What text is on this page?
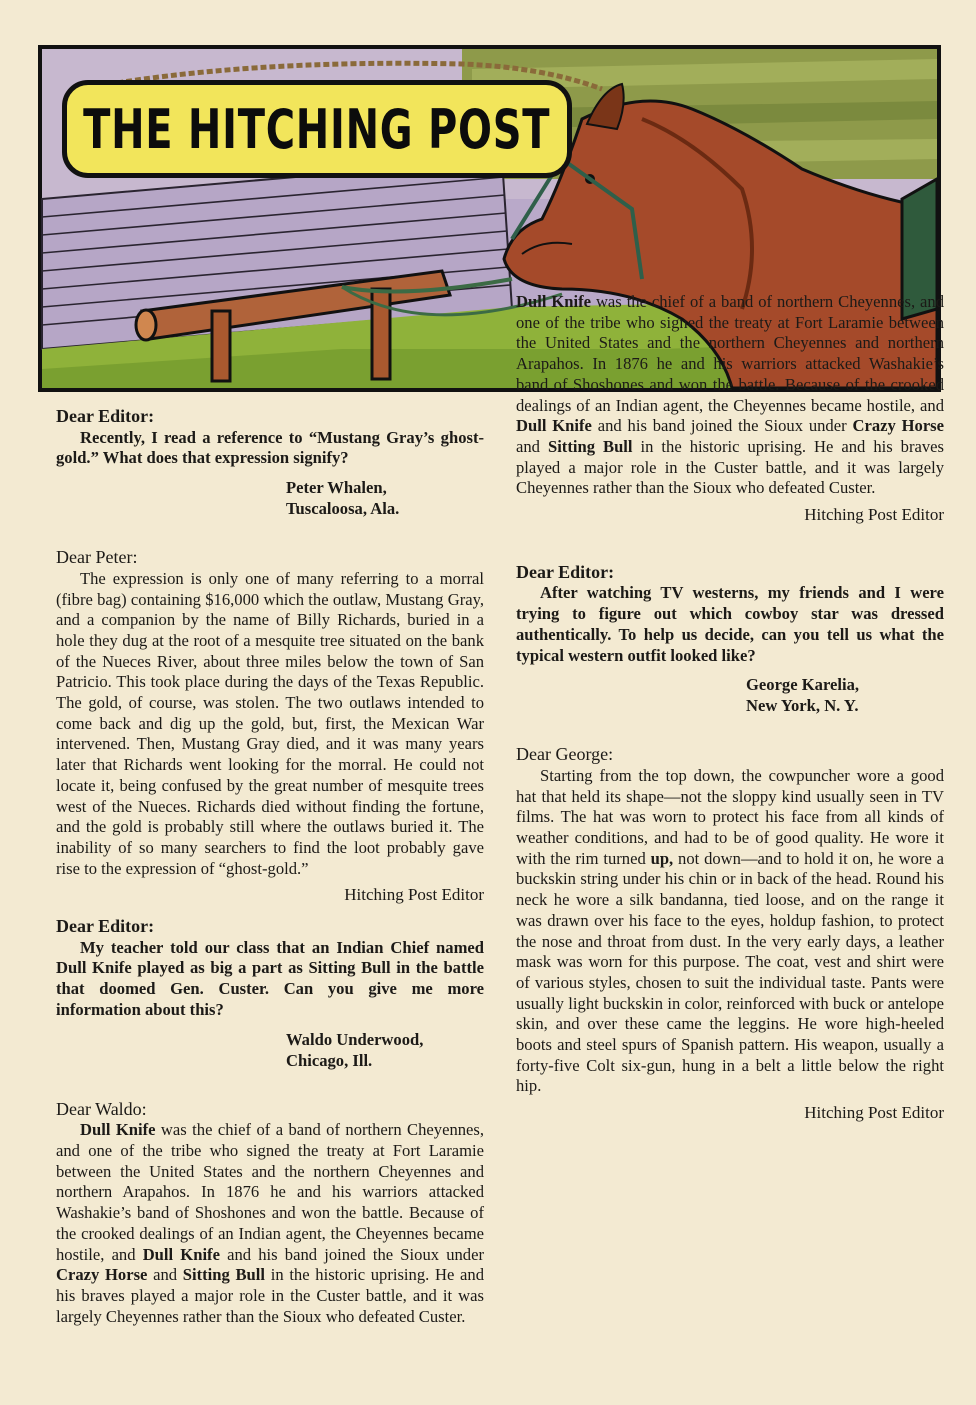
THE HITCHING POST
Dear Editor:

Recently, I read a reference to “Mustang Gray’s ghost-gold.” What does that expression signify?

Peter Whalen,
Tuscaloosa, Ala.
Dear Peter:

The expression is only one of many referring to a morral (fibre bag) containing $16,000 which the outlaw, Mustang Gray, and a companion by the name of Billy Richards, buried in a hole they dug at the root of a mesquite tree situated on the bank of the Nueces River, about three miles below the town of San Patricio. This took place during the days of the Texas Republic. The gold, of course, was stolen. The two outlaws intended to come back and dig up the gold, but, first, the Mexican War intervened. Then, Mustang Gray died, and it was many years later that Richards went looking for the morral. He could not locate it, being confused by the great number of mesquite trees west of the Nueces. Richards died without finding the fortune, and the gold is probably still where the outlaws buried it. The inability of so many searchers to find the loot probably gave rise to the expression of “ghost-gold.”

Hitching Post Editor
Dear Editor:

My teacher told our class that an Indian Chief named Dull Knife played as big a part as Sitting Bull in the battle that doomed Gen. Custer. Can you give me more information about this?

Waldo Underwood,
Chicago, Ill.
Dear Waldo:

Dull Knife was the chief of a band of northern Cheyennes, and one of the tribe who signed the treaty at Fort Laramie between the United States and the northern Cheyennes and northern Arapahos. In 1876 he and his warriors attacked Washakie’s band of Shoshones and won the battle. Because of the crooked dealings of an Indian agent, the Cheyennes became hostile, and Dull Knife and his band joined the Sioux under Crazy Horse and Sitting Bull in the historic uprising. He and his braves played a major role in the Custer battle, and it was largely Cheyennes rather than the Sioux who defeated Custer.

Dull Knife was the chief of a band of northern Cheyennes, and one of the tribe who signed the treaty at Fort Laramie between the United States and the northern Cheyennes and northern Arapahos. In 1876 he and his warriors attacked Washakie’s band of Shoshones and won the battle. Because of the crooked dealings of an Indian agent, the Cheyennes became hostile, and Dull Knife and his band joined the Sioux under Crazy Horse and Sitting Bull in the historic uprising. He and his braves played a major role in the Custer battle, and it was largely Cheyennes rather than the Sioux who defeated Custer.

Hitching Post Editor
Dear Editor:

After watching TV westerns, my friends and I were trying to figure out which cowboy star was dressed authentically. To help us decide, can you tell us what the typical western outfit looked like?

George Karelia,
New York, N. Y.
Dear George:

Starting from the top down, the cowpuncher wore a good hat that held its shape—not the sloppy kind usually seen in TV films. The hat was worn to protect his face from all kinds of weather conditions, and had to be of good quality. He wore it with the rim turned up, not down—and to hold it on, he wore a buckskin string under his chin or in back of the head. Round his neck he wore a silk bandanna, tied loose, and on the range it was drawn over his face to the eyes, holdup fashion, to protect the nose and throat from dust. In the very early days, a leather mask was worn for this purpose. The coat, vest and shirt were of various styles, chosen to suit the individual taste. Pants were usually light buckskin in color, reinforced with buck or antelope skin, and over these came the leggins. He wore high-heeled boots and steel spurs of Spanish pattern. His weapon, usually a forty-five Colt six-gun, hung in a belt a little below the right hip.

Hitching Post Editor
